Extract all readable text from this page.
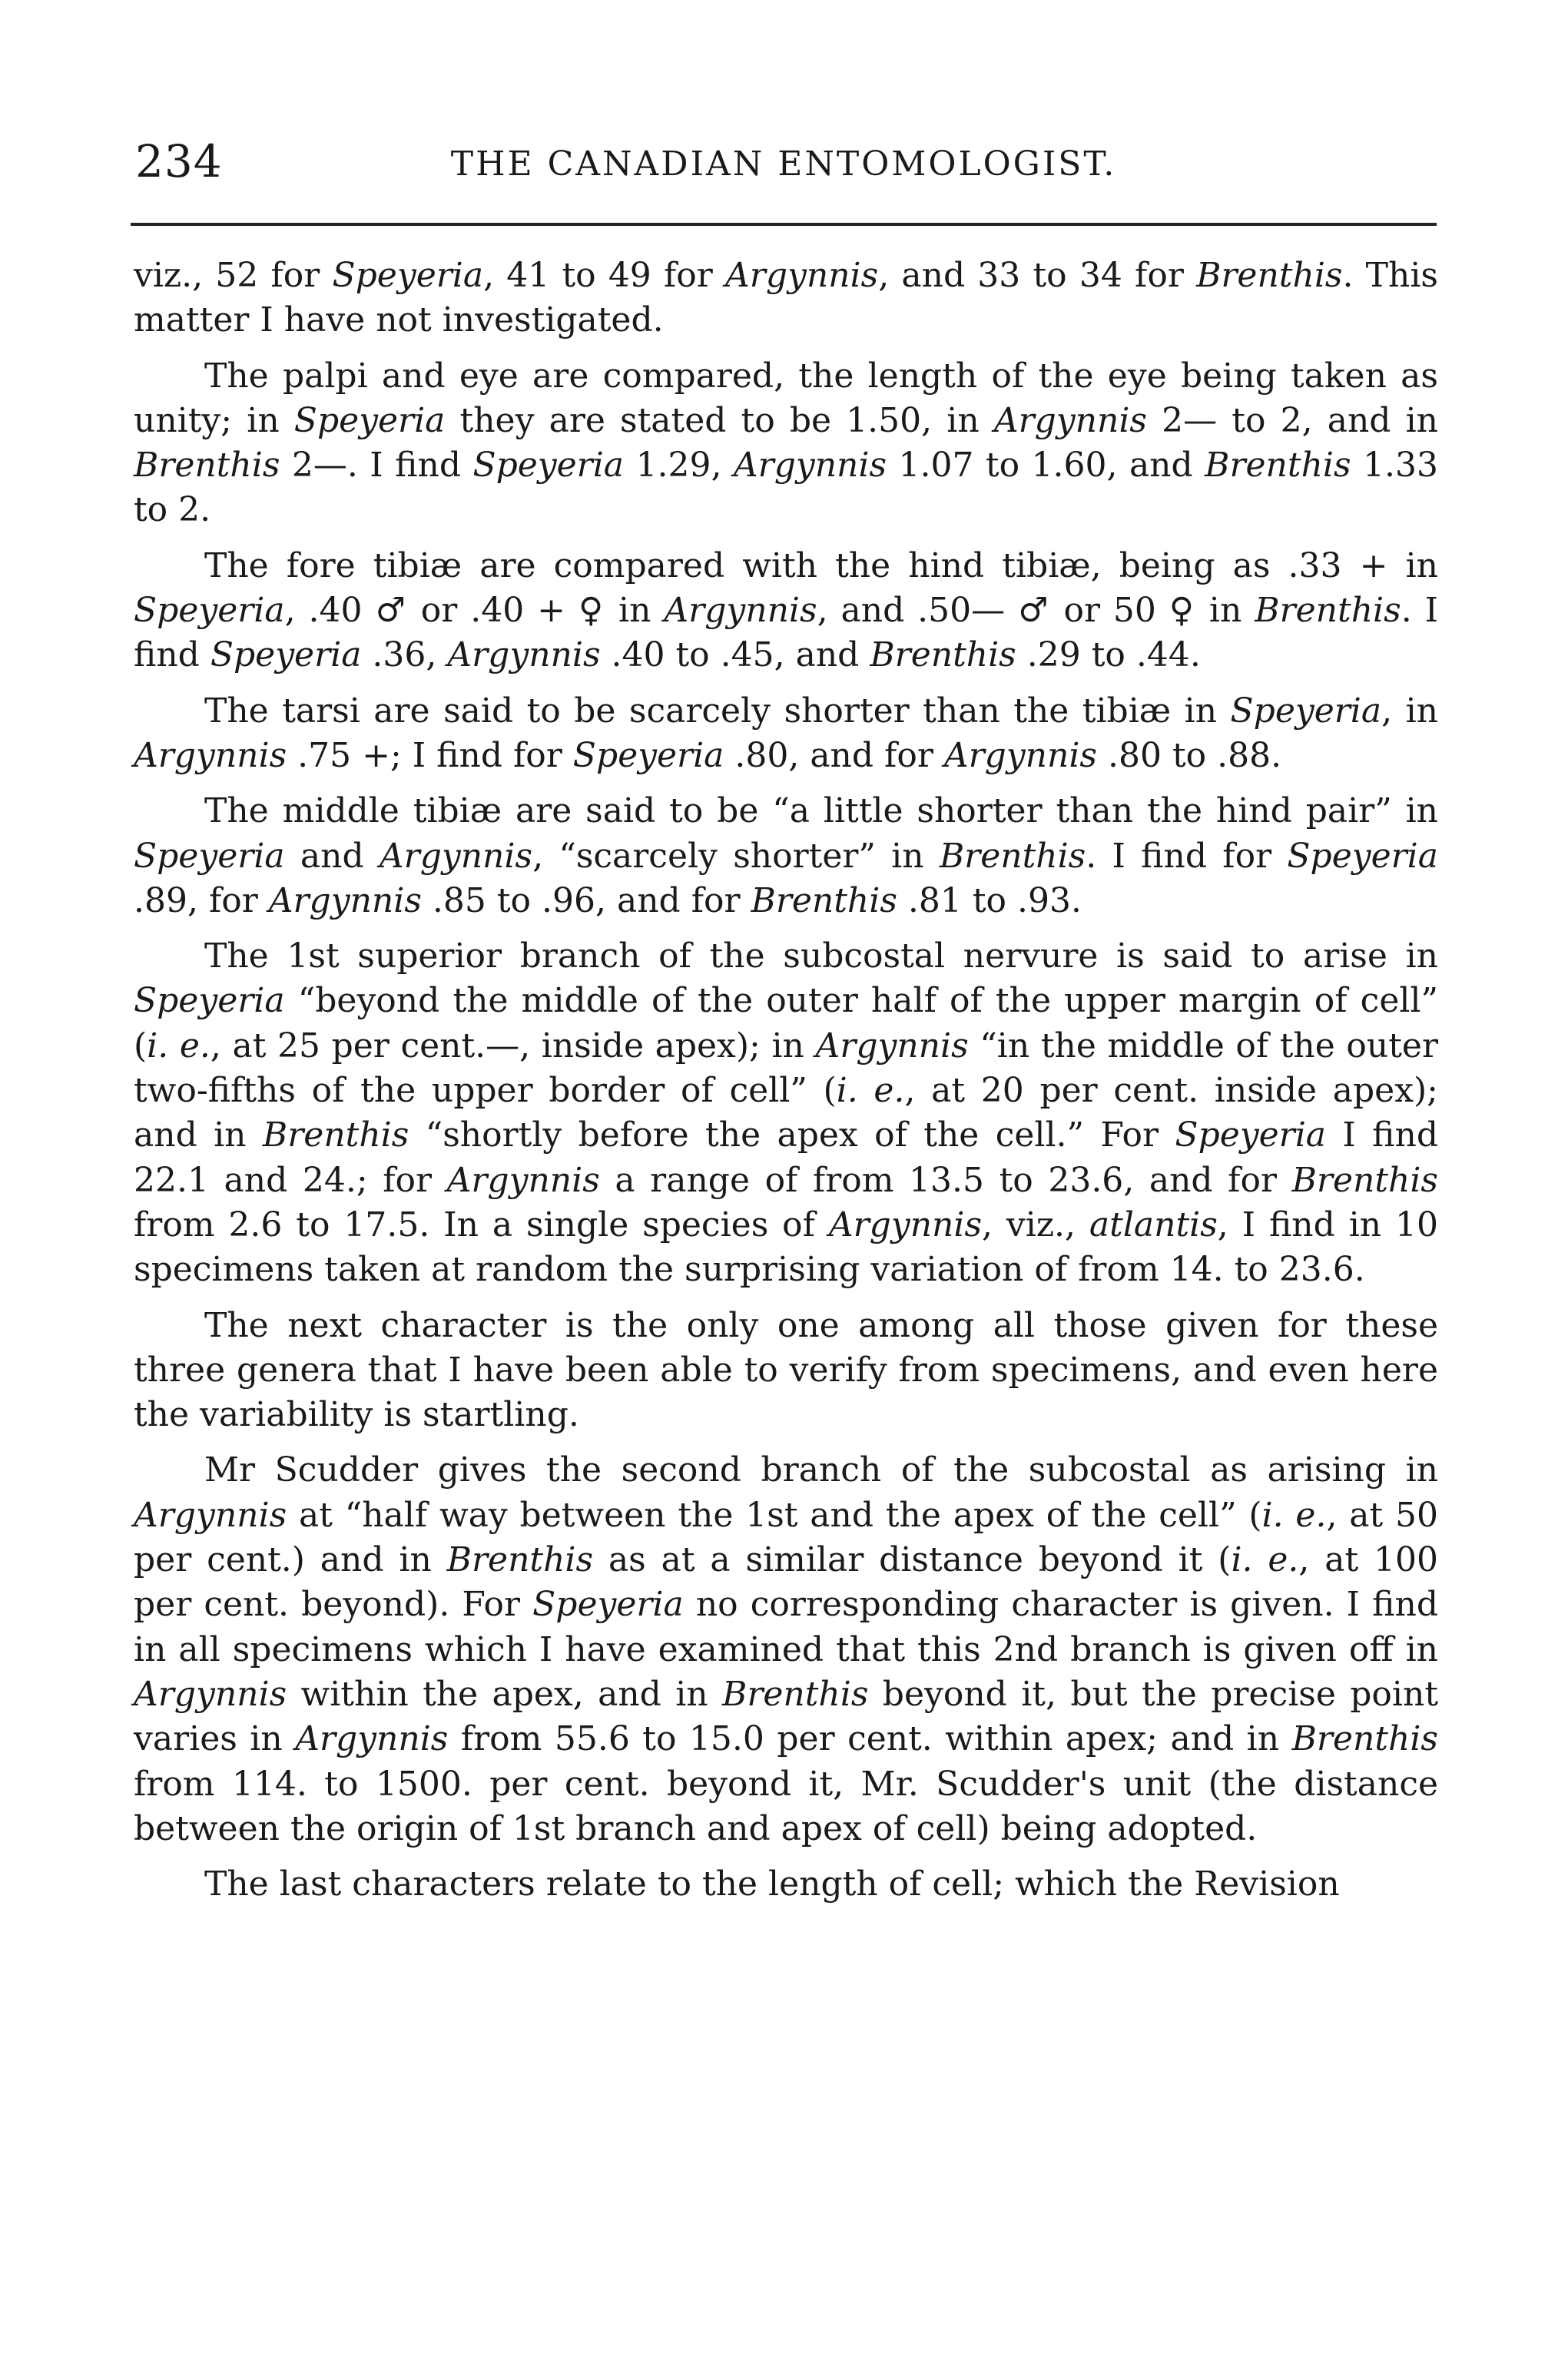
234	THE CANADIAN ENTOMOLOGIST.

viz., 52 for Speyeria, 41 to 49 for Argynnis, and 33 to 34 for Brenthis. This matter I have not investigated.

The palpi and eye are compared, the length of the eye being taken as unity; in Speyeria they are stated to be 1.50, in Argynnis 2— to 2, and in Brenthis 2—. I find Speyeria 1.29, Argynnis 1.07 to 1.60, and Brenthis 1.33 to 2.

The fore tibiæ are compared with the hind tibiæ, being as .33 + in Speyeria, .40 ♂ or .40 + ♀ in Argynnis, and .50— ♂ or 50 ♀ in Brenthis. I find Speyeria .36, Argynnis .40 to .45, and Brenthis .29 to .44.

The tarsi are said to be scarcely shorter than the tibiæ in Speyeria, in Argynnis .75 +; I find for Speyeria .80, and for Argynnis .80 to .88.

The middle tibiæ are said to be “a little shorter than the hind pair” in Speyeria and Argynnis, “scarcely shorter” in Brenthis. I find for Speyeria .89, for Argynnis .85 to .96, and for Brenthis .81 to .93.

The 1st superior branch of the subcostal nervure is said to arise in Speyeria “beyond the middle of the outer half of the upper margin of cell” (i. e., at 25 per cent.—, inside apex); in Argynnis “in the middle of the outer two-fifths of the upper border of cell” (i. e., at 20 per cent. inside apex); and in Brenthis “shortly before the apex of the cell.” For Speyeria I find 22.1 and 24.; for Argynnis a range of from 13.5 to 23.6, and for Brenthis from 2.6 to 17.5. In a single species of Argynnis, viz., atlantis, I find in 10 specimens taken at random the surprising variation of from 14. to 23.6.

The next character is the only one among all those given for these three genera that I have been able to verify from specimens, and even here the variability is startling.

Mr Scudder gives the second branch of the subcostal as arising in Argynnis at “half way between the 1st and the apex of the cell” (i. e., at 50 per cent.) and in Brenthis as at a similar distance beyond it (i. e., at 100 per cent. beyond). For Speyeria no corresponding character is given. I find in all specimens which I have examined that this 2nd branch is given off in Argynnis within the apex, and in Brenthis beyond it, but the precise point varies in Argynnis from 55.6 to 15.0 per cent. within apex; and in Brenthis from 114. to 1500. per cent. beyond it, Mr. Scudder's unit (the distance between the origin of 1st branch and apex of cell) being adopted.

The last characters relate to the length of cell; which the Revision
